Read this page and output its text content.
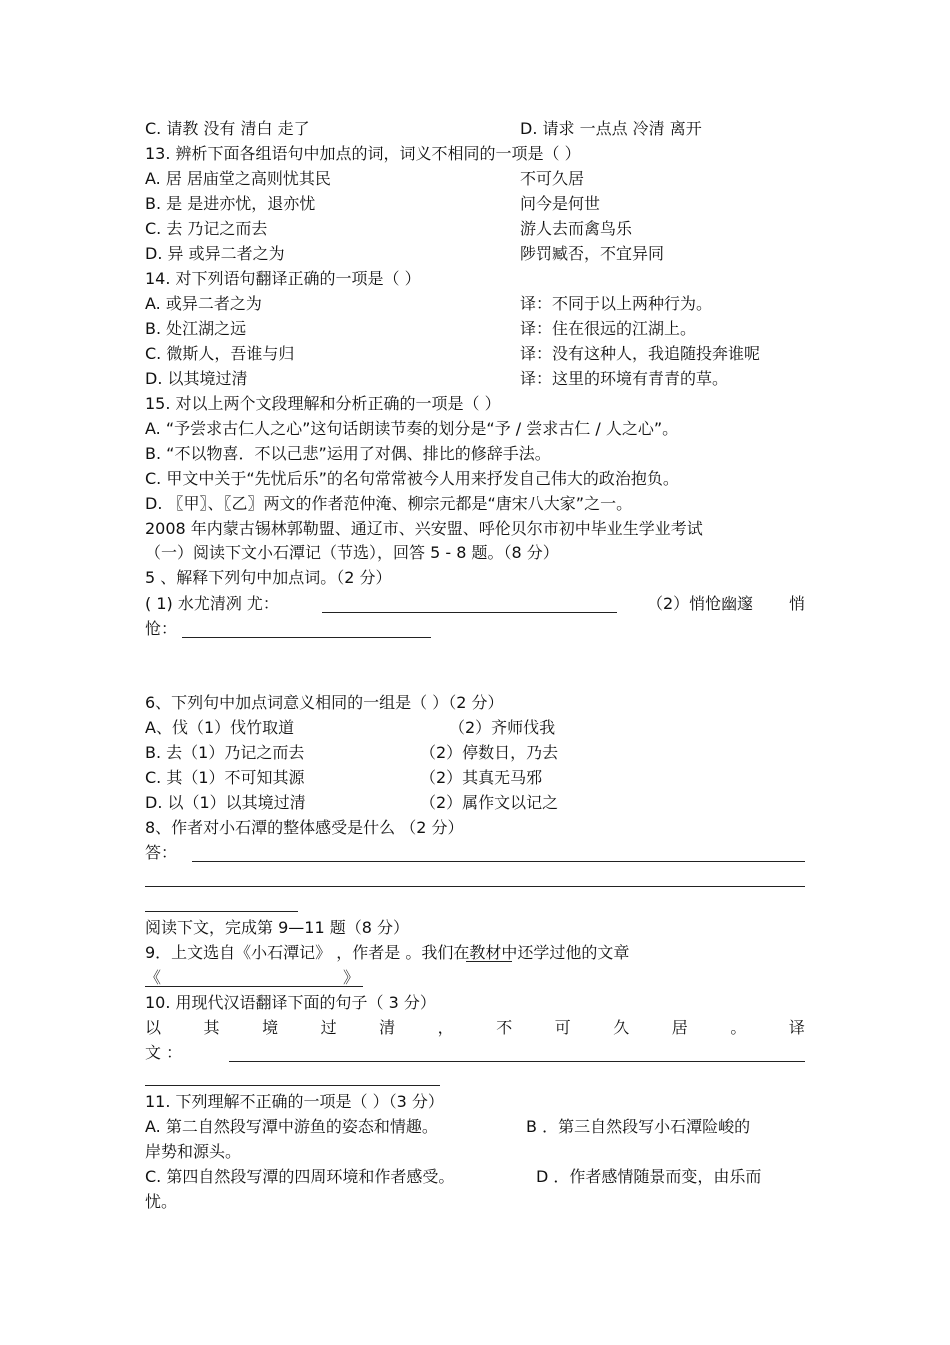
C. 请教 没有 清白 走了	D. 请求 一点点 冷清 离开
13. 辨析下面各组语句中加点的词，词义不相同的一项是（ ）
A. 居 居庙堂之高则忧其民	不可久居
B. 是 是进亦忧，退亦忧	问今是何世
C. 去 乃记之而去	游人去而禽鸟乐
D. 异 或异二者之为	陟罚臧否，不宜异同
14. 对下列语句翻译正确的一项是（ ）
A. 或异二者之为	译：不同于以上两种行为。
B. 处江湖之远	译：住在很远的江湖上。
C. 微斯人，吾谁与归	译：没有这种人，我追随投奔谁呢
D. 以其境过清	译：这里的环境有青青的草。
15. 对以上两个文段理解和分析正确的一项是（ ）
A. “予尝求古仁人之心”这句话朗读节奏的划分是“予 / 尝求古仁 / 人之心”。
B. “不以物喜．不以己悲”运用了对偶、排比的修辞手法。
C. 甲文中关于“先忧后乐”的名句常常被今人用来抒发自己伟大的政治抱负。
D. 〖甲〗、〖乙〗两文的作者范仲淹、柳宗元都是“唐宋八大家”之一。
2008 年内蒙古锡林郭勒盟、通辽市、兴安盟、呼伦贝尔市初中毕业生学业考试
（一）阅读下文小石潭记（节选），回答 5 - 8 题。（8 分）
5 、解释下列句中加点词。（2 分）
( 1) 水尤清冽 尤：	（2）悄怆幽邃 悄
怆：
6、下列句中加点词意义相同的一组是（ ）（2 分）
A、伐（1）伐竹取道	（2）齐师伐我
B. 去（1）乃记之而去	（2）停数日，乃去
C. 其（1）不可知其源	（2）其真无马邪
D. 以（1）以其境过清	（2）属作文以记之
8、作者对小石潭的整体感受是什么 （2 分）
答：
阅读下文，完成第 9—11 题（8 分）
9．上文选自《小石潭记》 ，作者是 。我们在教材中还学过他的文章
《	》
10. 用现代汉语翻译下面的句子（ 3 分）
以	其	境	过	清	，	不	可	久	居	。	译
文 ：
11. 下列理解不正确的一项是（ ）（3 分）
A. 第二自然段写潭中游鱼的姿态和情趣。	B ．第三自然段写小石潭险峻的
岸势和源头。
C. 第四自然段写潭的四周环境和作者感受。	D ．作者感情随景而变，由乐而
忧。
